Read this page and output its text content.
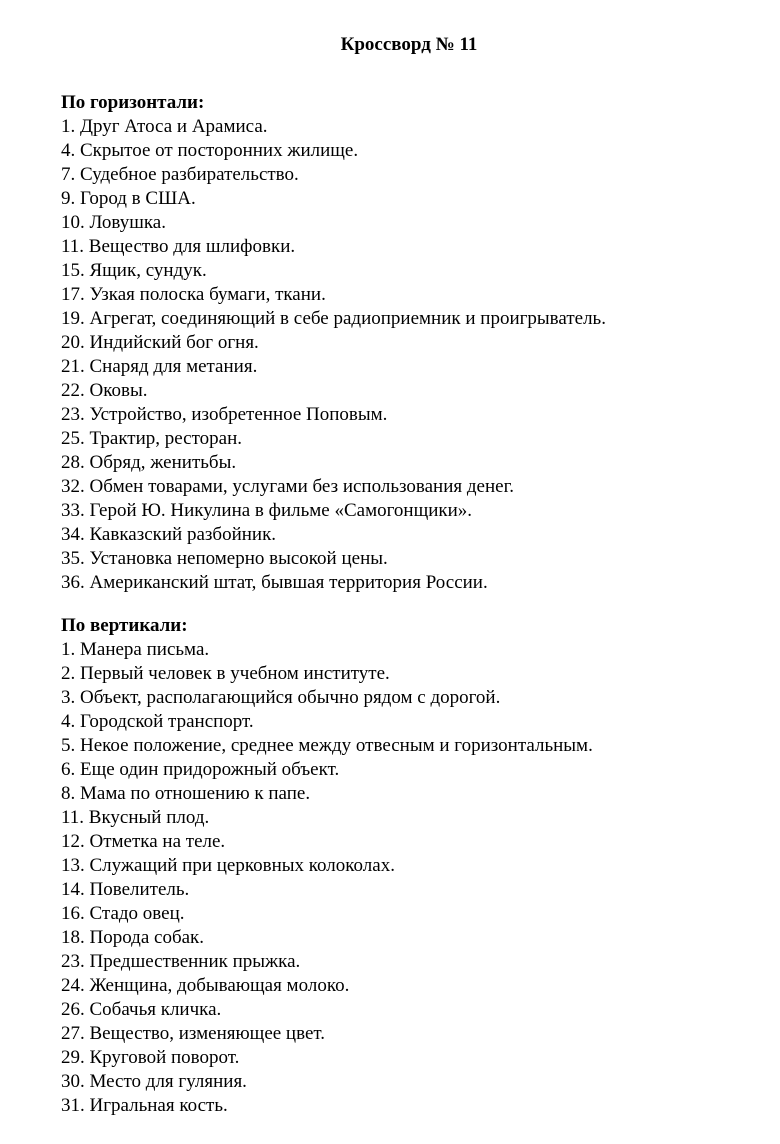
Кроссворд № 11
По горизонтали:
1. Друг Атоса и Арамиса.
4. Скрытое от посторонних жилище.
7. Судебное разбирательство.
9. Город в США.
10. Ловушка.
11. Вещество для шлифовки.
15. Ящик, сундук.
17. Узкая полоска бумаги, ткани.
19. Агрегат, соединяющий в себе радиоприемник и проигрыватель.
20. Индийский бог огня.
21. Снаряд для метания.
22. Оковы.
23. Устройство, изобретенное Поповым.
25. Трактир, ресторан.
28. Обряд, женитьбы.
32. Обмен товарами, услугами без использования денег.
33. Герой Ю. Никулина в фильме «Самогонщики».
34. Кавказский разбойник.
35. Установка непомерно высокой цены.
36. Американский штат, бывшая территория России.
По вертикали:
1. Манера письма.
2. Первый человек в учебном институте.
3. Объект, располагающийся обычно рядом с дорогой.
4. Городской транспорт.
5. Некое положение, среднее между отвесным и горизонтальным.
6. Еще один придорожный объект.
8. Мама по отношению к папе.
11. Вкусный плод.
12. Отметка на теле.
13. Служащий при церковных колоколах.
14. Повелитель.
16. Стадо овец.
18. Порода собак.
23. Предшественник прыжка.
24. Женщина, добывающая молоко.
26. Собачья кличка.
27. Вещество, изменяющее цвет.
29. Круговой поворот.
30. Место для гуляния.
31. Игральная кость.
